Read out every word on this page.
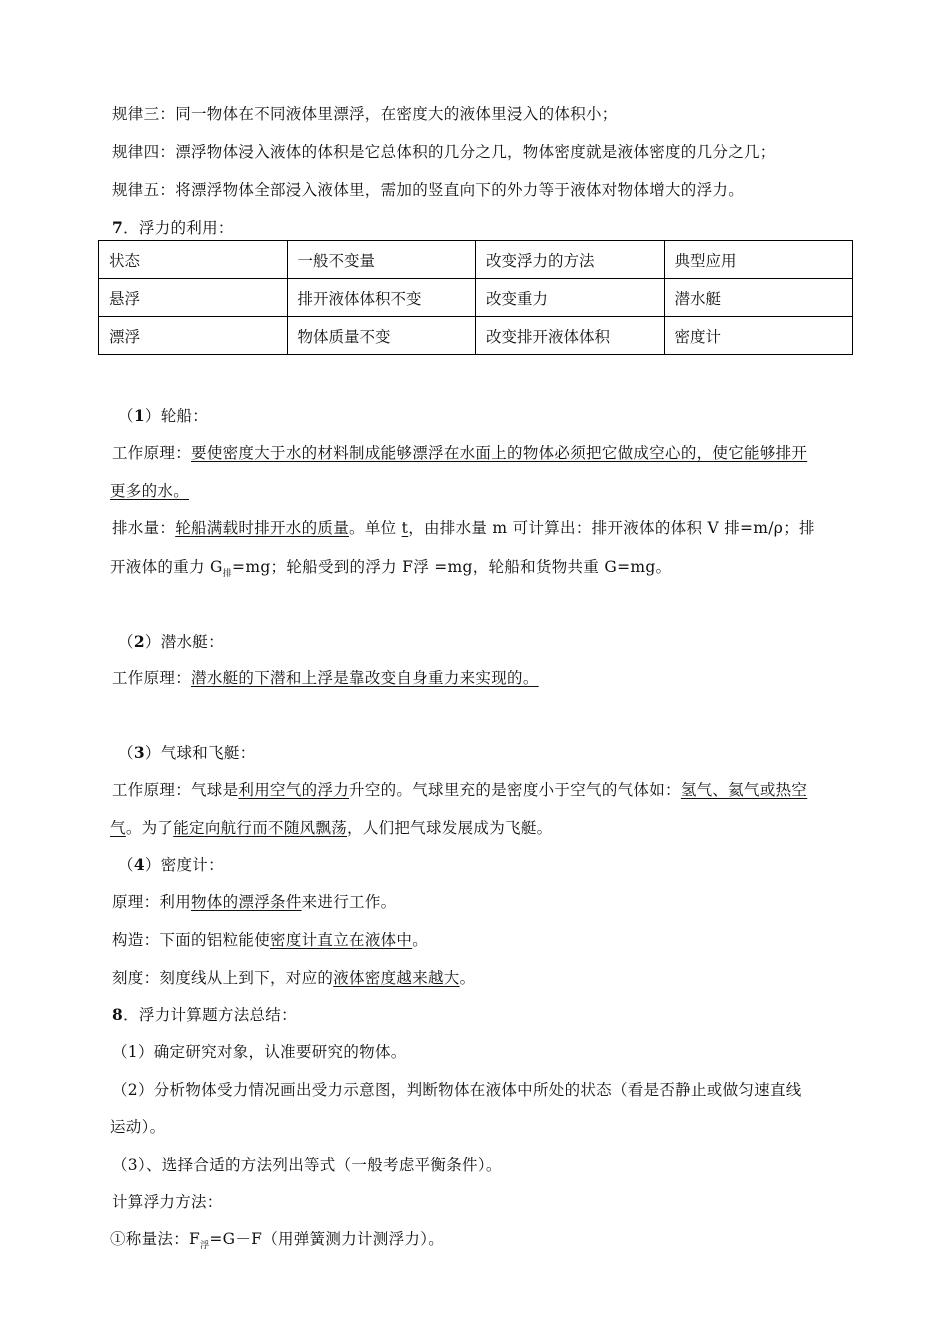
规律三：同一物体在不同液体里漂浮，在密度大的液体里浸入的体积小；
规律四：漂浮物体浸入液体的体积是它总体积的几分之几，物体密度就是液体密度的几分之几；
规律五：将漂浮物体全部浸入液体里，需加的竖直向下的外力等于液体对物体增大的浮力。
7．浮力的利用：
状态	一般不变量	改变浮力的方法	典型应用
悬浮	排开液体体积不变	改变重力	潜水艇
漂浮	物体质量不变	改变排开液体体积	密度计
（1）轮船：
工作原理：要使密度大于水的材料制成能够漂浮在水面上的物体必须把它做成空心的，使它能够排开
更多的水。
排水量：轮船满载时排开水的质量。单位 t，由排水量 m 可计算出：排开液体的体积 V 排=m/ρ；排
开液体的重力 $G_排=mg$；轮船受到的浮力 F浮 =mg，轮船和货物共重 G=mg。
（2）潜水艇：
工作原理：潜水艇的下潜和上浮是靠改变自身重力来实现的。
（3）气球和飞艇：
工作原理：气球是利用空气的浮力升空的。气球里充的是密度小于空气的气体如：氢气、氦气或热空
气。为了能定向航行而不随风飘荡，人们把气球发展成为飞艇。
（4）密度计：
原理：利用物体的漂浮条件来进行工作。
构造：下面的铝粒能使密度计直立在液体中。
刻度：刻度线从上到下，对应的液体密度越来越大。
8．浮力计算题方法总结：
（1）确定研究对象，认准要研究的物体。
（2）分析物体受力情况画出受力示意图，判断物体在液体中所处的状态（看是否静止或做匀速直线
运动）。
（3）、选择合适的方法列出等式（一般考虑平衡条件）。
计算浮力方法：
①称量法：$F_浮=G-F$（用弹簧测力计测浮力）。
